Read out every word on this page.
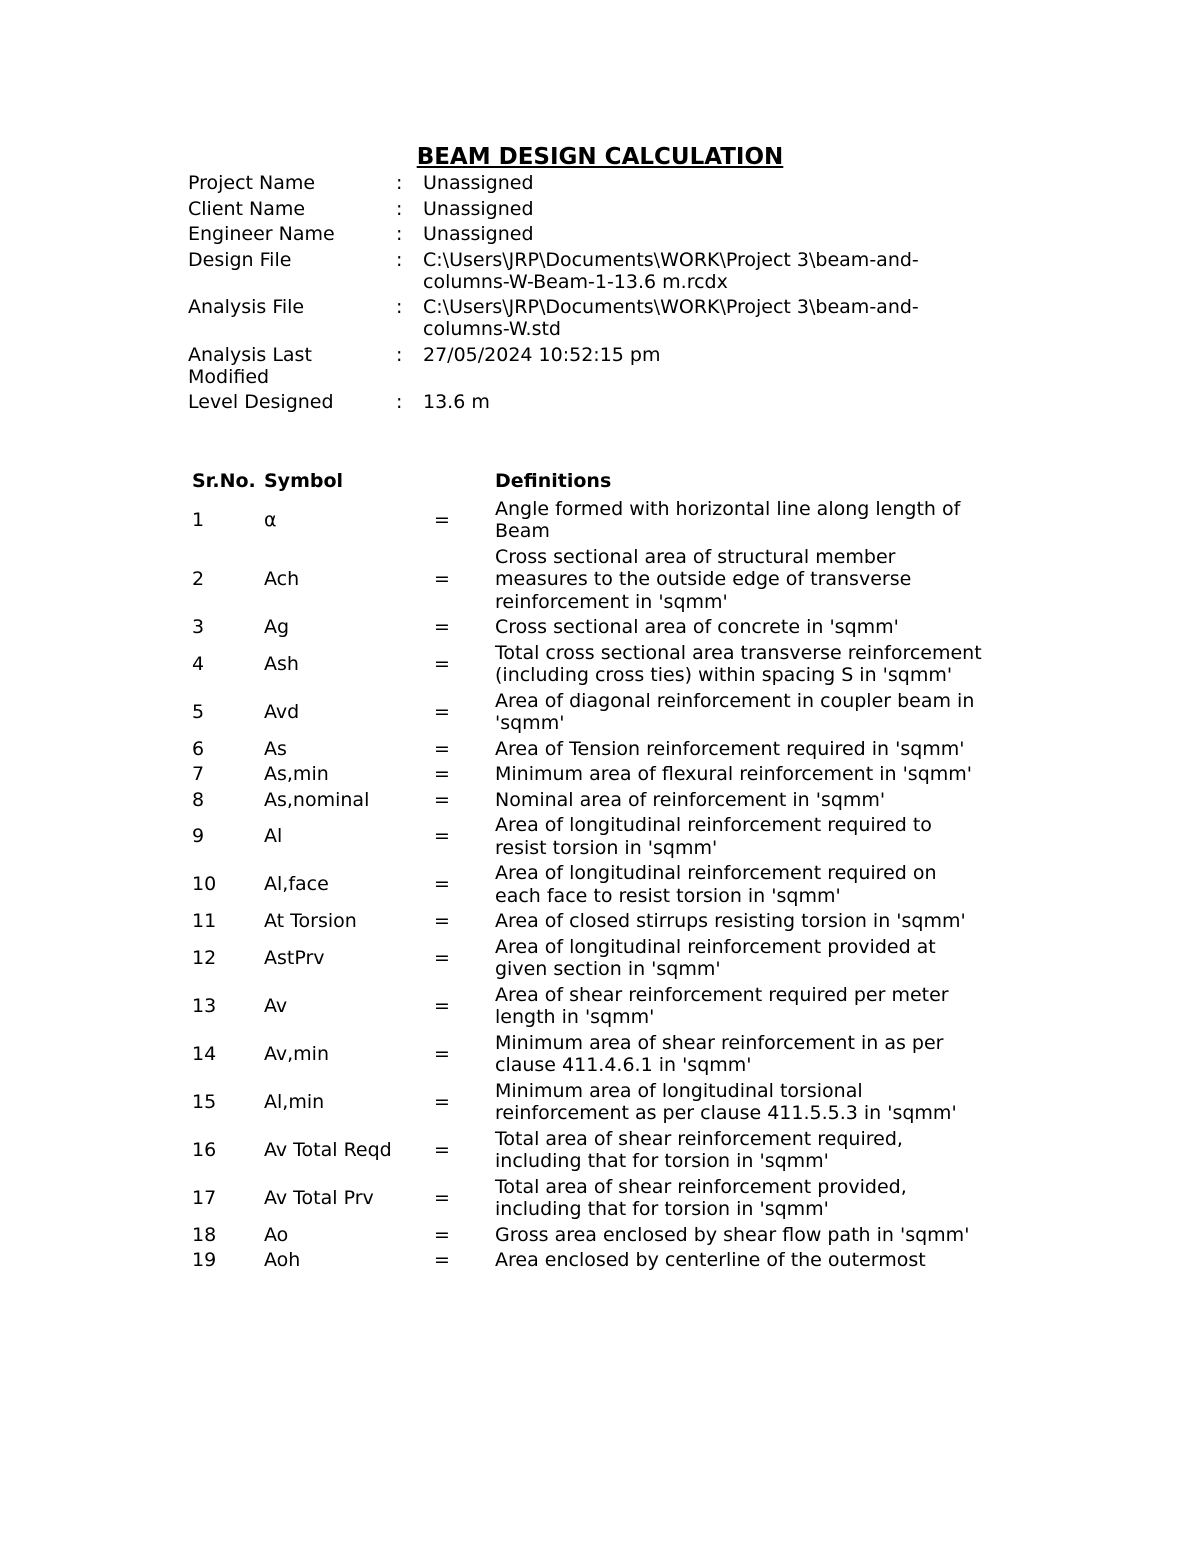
BEAM DESIGN CALCULATION
Project Name	:	Unassigned
Client Name	:	Unassigned
Engineer Name	:	Unassigned
Design File	:	C:\Users\JRP\Documents\WORK\Project 3\beam-and-columns-W-Beam-1-13.6 m.rcdx
Analysis File	:	C:\Users\JRP\Documents\WORK\Project 3\beam-and-columns-W.std
Analysis Last Modified	:	27/05/2024 10:52:15 pm
Level Designed	:	13.6 m
Sr.No.	Symbol		Definitions
1	α	=	Angle formed with horizontal line along length of Beam
2	Ach	=	Cross sectional area of structural member measures to the outside edge of transverse reinforcement in 'sqmm'
3	Ag	=	Cross sectional area of concrete in 'sqmm'
4	Ash	=	Total cross sectional area transverse reinforcement (including cross ties) within spacing S in 'sqmm'
5	Avd	=	Area of diagonal reinforcement in coupler beam in 'sqmm'
6	As	=	Area of Tension reinforcement required in 'sqmm'
7	As,min	=	Minimum area of flexural reinforcement in 'sqmm'
8	As,nominal	=	Nominal area of reinforcement in 'sqmm'
9	Al	=	Area of longitudinal reinforcement required to resist torsion in 'sqmm'
10	Al,face	=	Area of longitudinal reinforcement required on each face to resist torsion in 'sqmm'
11	At Torsion	=	Area of closed stirrups resisting torsion in 'sqmm'
12	AstPrv	=	Area of longitudinal reinforcement provided at given section in 'sqmm'
13	Av	=	Area of shear reinforcement required per meter length in 'sqmm'
14	Av,min	=	Minimum area of shear reinforcement in as per clause 411.4.6.1 in 'sqmm'
15	Al,min	=	Minimum area of longitudinal torsional reinforcement as per clause 411.5.5.3 in 'sqmm'
16	Av Total Reqd	=	Total area of shear reinforcement required, including that for torsion in 'sqmm'
17	Av Total Prv	=	Total area of shear reinforcement provided, including that for torsion in 'sqmm'
18	Ao	=	Gross area enclosed by shear flow path in 'sqmm'
19	Aoh	=	Area enclosed by centerline of the outermost
